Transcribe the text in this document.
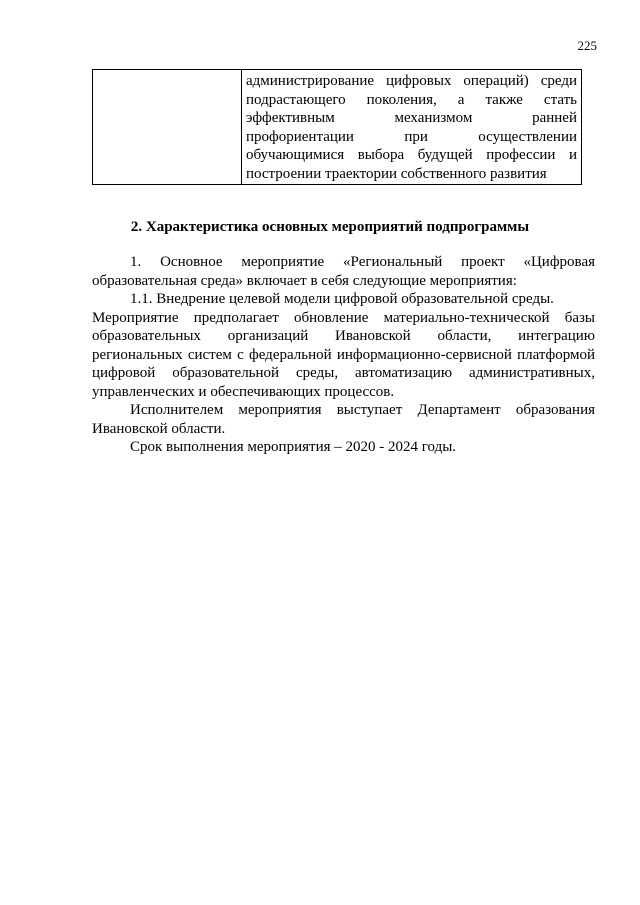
225

администрирование цифровых операций) среди
подрастающего поколения, а также стать
эффективным механизмом ранней
профориентации при осуществлении
обучающимися выбора будущей профессии и
построении траектории собственного развития
2. Характеристика основных мероприятий подпрограммы
1. Основное мероприятие «Региональный проект «Цифровая
образовательная среда» включает в себя следующие мероприятия:
1.1. Внедрение целевой модели цифровой образовательной среды.
Мероприятие предполагает обновление материально-технической базы
образовательных организаций Ивановской области, интеграцию
региональных систем с федеральной информационно-сервисной платформой
цифровой образовательной среды, автоматизацию административных,
управленческих и обеспечивающих процессов.
Исполнителем мероприятия выступает Департамент образования
Ивановской области.
Срок выполнения мероприятия – 2020 - 2024 годы.
